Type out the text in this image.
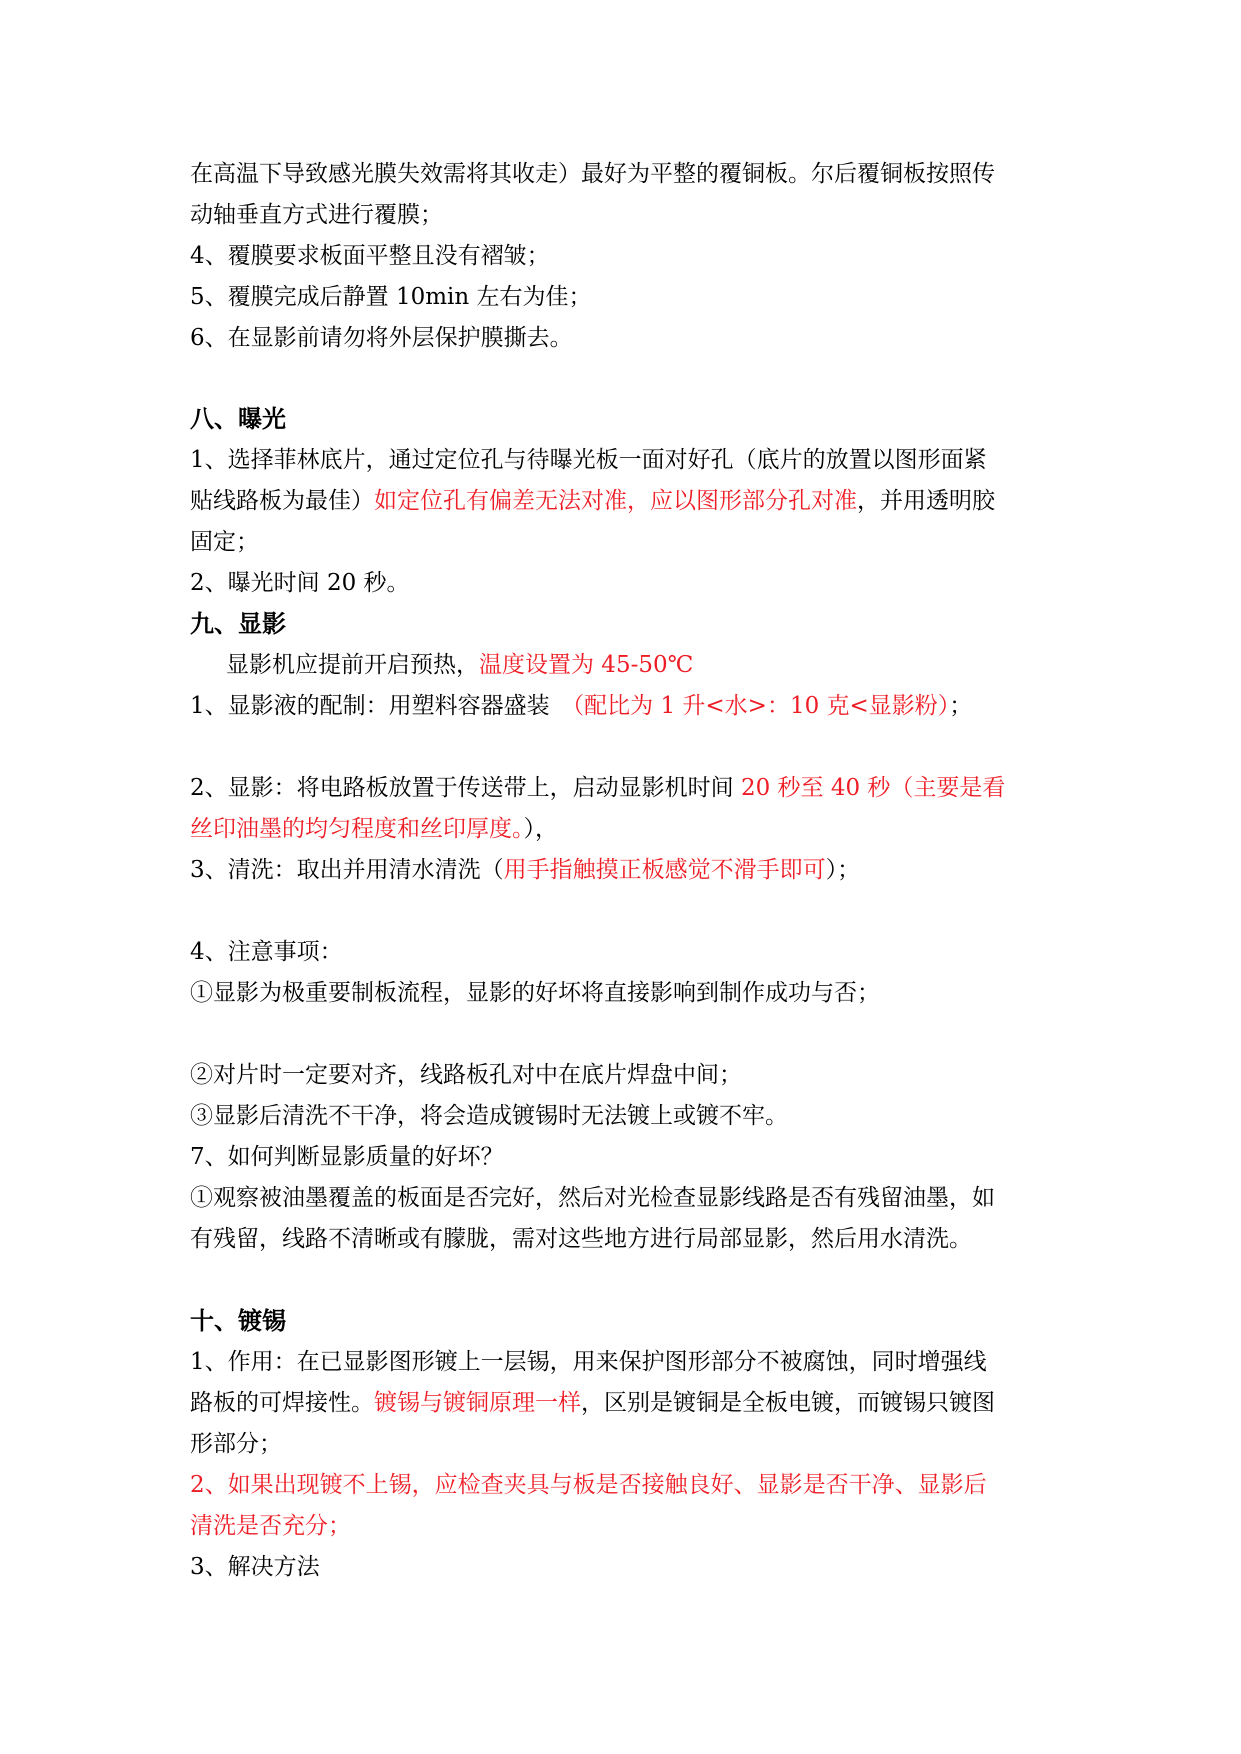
在高温下导致感光膜失效需将其收走）最好为平整的覆铜板。尔后覆铜板按照传
动轴垂直方式进行覆膜；
4、覆膜要求板面平整且没有褶皱；
5、覆膜完成后静置 10min 左右为佳；
6、在显影前请勿将外层保护膜撕去。
八、曝光
1、选择菲林底片，通过定位孔与待曝光板一面对好孔（底片的放置以图形面紧
贴线路板为最佳）如定位孔有偏差无法对准，应以图形部分孔对准，并用透明胶
固定；
2、曝光时间 20 秒。
九、显影
显影机应提前开启预热，温度设置为 45-50℃
1、显影液的配制：用塑料容器盛装　（配比为 1 升<水>：10 克<显影粉）；
2、显影：将电路板放置于传送带上，启动显影机时间 20 秒至 40 秒（主要是看
丝印油墨的均匀程度和丝印厚度。），
3、清洗：取出并用清水清洗（用手指触摸正板感觉不滑手即可）；
4、注意事项：
①显影为极重要制板流程，显影的好坏将直接影响到制作成功与否；
②对片时一定要对齐，线路板孔对中在底片焊盘中间；
③显影后清洗不干净，将会造成镀锡时无法镀上或镀不牢。
7、如何判断显影质量的好坏？
①观察被油墨覆盖的板面是否完好，然后对光检查显影线路是否有残留油墨，如
有残留，线路不清晰或有朦胧，需对这些地方进行局部显影，然后用水清洗。
十、镀锡
1、作用：在已显影图形镀上一层锡，用来保护图形部分不被腐蚀，同时增强线
路板的可焊接性。镀锡与镀铜原理一样，区别是镀铜是全板电镀，而镀锡只镀图
形部分；
2、如果出现镀不上锡，应检查夹具与板是否接触良好、显影是否干净、显影后
清洗是否充分；
3、解决方法
